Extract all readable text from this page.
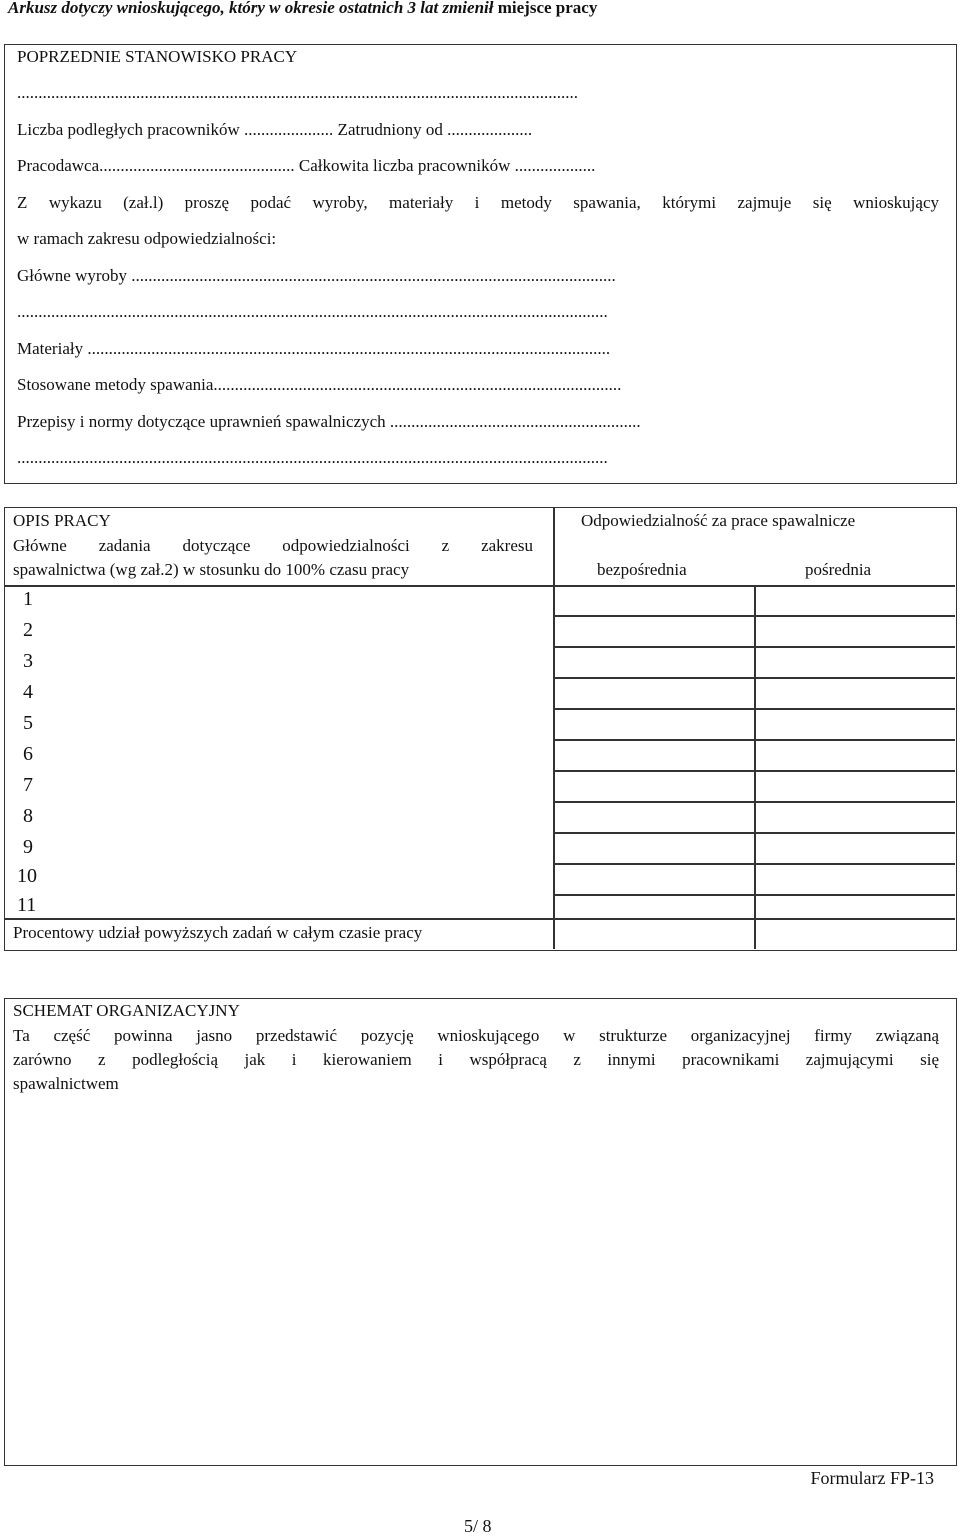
Arkusz dotyczy wnioskującego, który w okresie ostatnich 3 lat zmienił miejsce pracy
POPRZEDNIE STANOWISKO PRACY
....................................................................................................................................
Liczba podległych pracowników ..................... Zatrudniony od ....................
Pracodawca.............................................. Całkowita liczba pracowników ...................
Z wykazu (zał.l) proszę podać wyroby, materiały i metody spawania, którymi zajmuje się wnioskujący
w ramach zakresu odpowiedzialności:
Główne wyroby ..................................................................................................................
...........................................................................................................................................
Materiały ...........................................................................................................................
Stosowane metody spawania................................................................................................
Przepisy i normy dotyczące uprawnień spawalniczych ...........................................................
...........................................................................................................................................
OPIS PRACY
Główne zadania dotyczące odpowiedzialności z zakresu
spawalnictwa (wg zał.2) w stosunku do 100% czasu pracy
Odpowiedzialność za prace spawalnicze
bezpośrednia	pośrednia
1
2
3
4
5
6
7
8
9
10
11
Procentowy udział powyższych zadań w całym czasie pracy
SCHEMAT ORGANIZACYJNY
Ta część powinna jasno przedstawić pozycję wnioskującego w strukturze organizacyjnej firmy związaną
zarówno z podległością jak i kierowaniem i współpracą z innymi pracownikami zajmującymi się
spawalnictwem
Formularz FP-13
5/ 8
